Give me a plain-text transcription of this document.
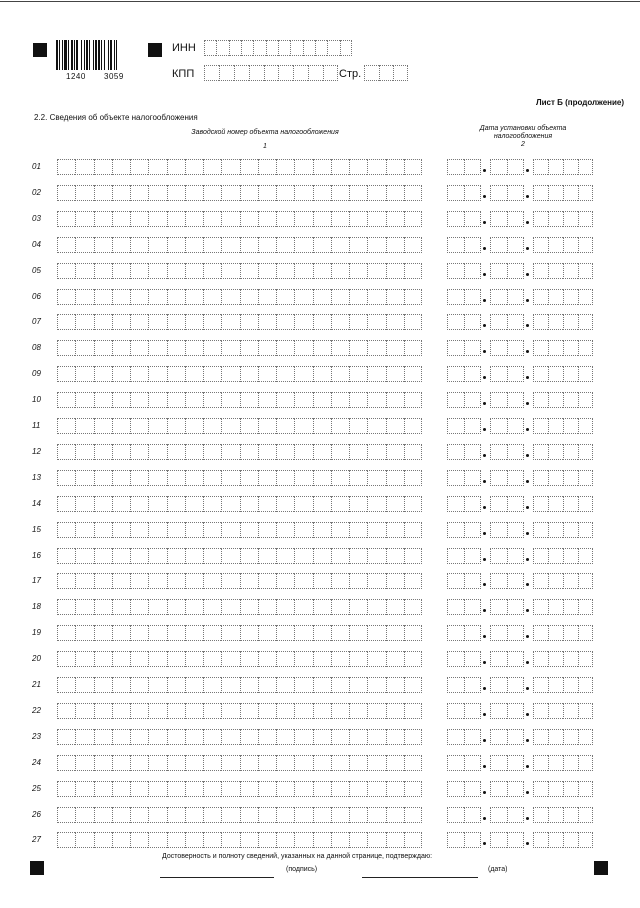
1240 3059
ИНН
КПП	Стр.
Лист Б (продолжение)
2.2. Сведения об объекте налогообложения
Заводской номер объекта налогообложения
1
Дата установки объекта налогообложения
2
01
02
03
04
05
06
07
08
09
10
11
12
13
14
15
16
17
18
19
20
21
22
23
24
25
26
27
Достоверность и полноту сведений, указанных на данной странице, подтверждаю:
(подпись)	(дата)
